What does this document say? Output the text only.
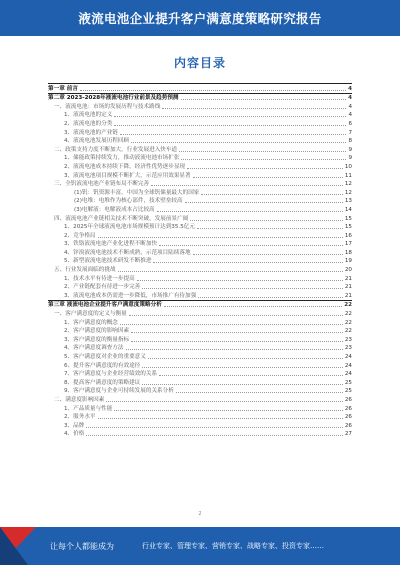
液流电池企业提升客户满意度策略研究报告
内容目录
第一章 前言	4
第二章 2023-2028年液流电池行业前景及趋势预测	4
一、液流电池：市场的发展历程与技术路线	4
1、液流电池的定义	4
2、液流电池的分类	6
3、液流电池的产业链	7
4、液流电池发展历程回顾	8
二、政策支持力度不断加大，行业发展进入快车道	9
1、储能政策持续发力，推动液流电池市场扩张	9
2、液流电池成本持续下降，经济性优势逐步显现	10
3、液流电池项目规模不断扩大，示范应用效果显著	11
三、全钒液流电池产业链布局不断完善	12
(1)钒：钒资源丰富，中国为全球钒储量最大的国家	12
(2)电堆：电堆作为核心部件，技术壁垒较高	13
(3)电解液：电解液成本占比较高	14
四、液流电池产业链相关技术不断突破，发展前景广阔	15
1、2025年全球液流电池市场规模预计达到35.5亿元	15
2、竞争格局	16
3、铁铬液流电池产业化进程不断加快	17
4、锌溴液流电池技术不断成熟，示范项目陆续落地	18
5、新型液流电池技术研发不断推进	19
五、行业发展面临的挑战	20
1、技术水平有待进一步提高	21
2、产业链配套有待进一步完善	21
3、液流电池成本仍需进一步降低，市场推广有待加强	21
第三章 液流电池企业提升客户满意度策略分析	22
一、客户满意度的定义与衡量	22
1、客户满意度的概念	22
2、客户满意度的影响因素	22
3、客户满意度的衡量指标	23
4、客户满意度调查方法	23
5、客户满意度对企业的重要意义	24
6、提升客户满意度的有效途径	24
7、客户满意度与企业经营绩效的关系	24
8、提高客户满意度的策略建议	25
9、客户满意度与企业可持续发展的关系分析	25
二、满意度影响因素	26
1、产品质量与性能	26
2、服务水平	26
3、品牌	26
4、价格	27
2
让每个人都能成为	行业专家、管理专家、营销专家、战略专家、投资专家……
